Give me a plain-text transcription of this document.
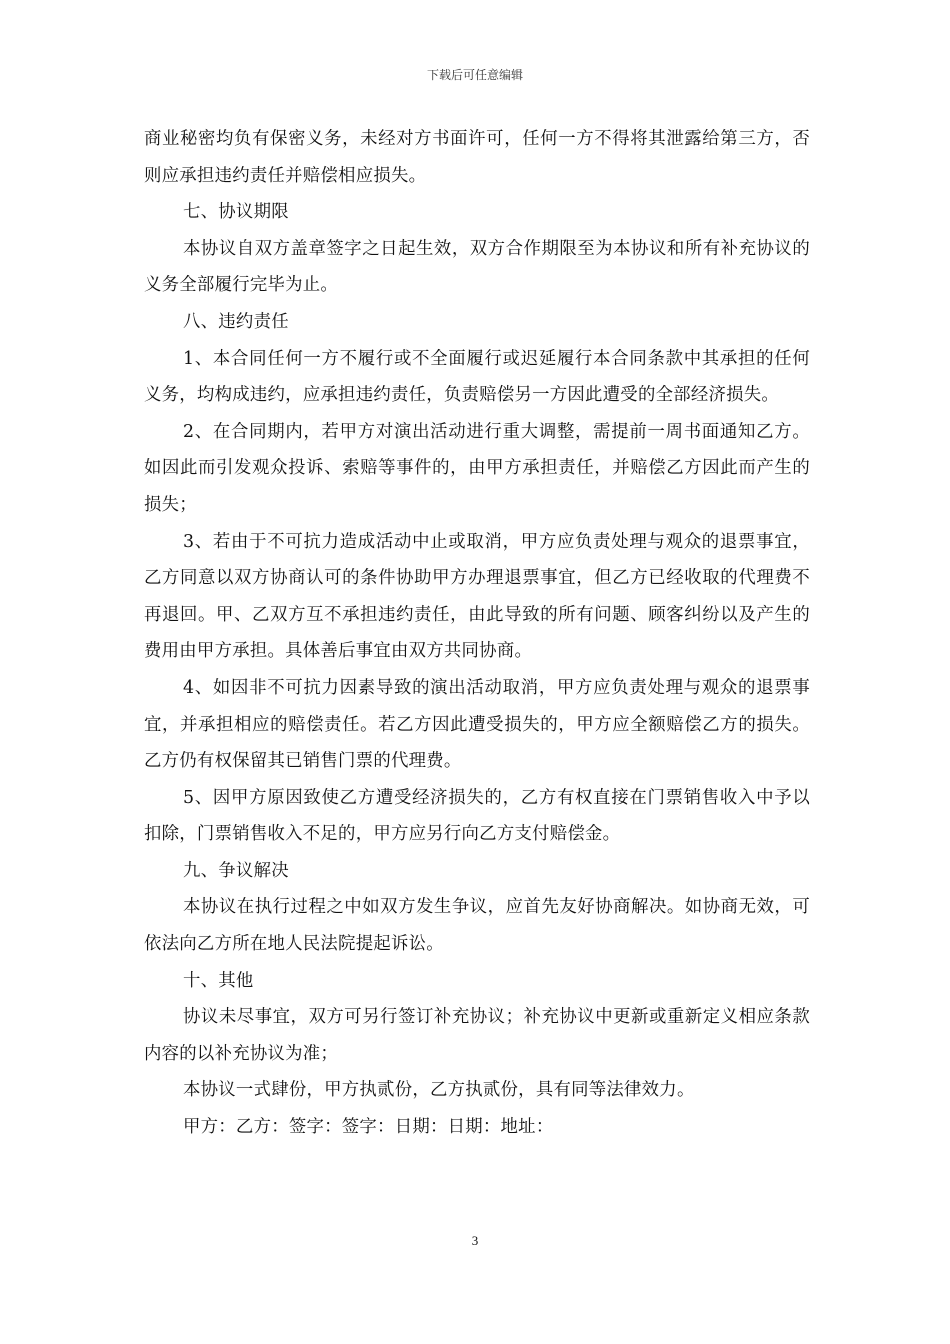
下载后可任意编辑

商业秘密均负有保密义务，未经对方书面许可，任何一方不得将其泄露给第三方，否则应承担违约责任并赔偿相应损失。

七、协议期限

本协议自双方盖章签字之日起生效，双方合作期限至为本协议和所有补充协议的义务全部履行完毕为止。

八、违约责任

1、本合同任何一方不履行或不全面履行或迟延履行本合同条款中其承担的任何义务，均构成违约，应承担违约责任，负责赔偿另一方因此遭受的全部经济损失。

2、在合同期内，若甲方对演出活动进行重大调整，需提前一周书面通知乙方。如因此而引发观众投诉、索赔等事件的，由甲方承担责任，并赔偿乙方因此而产生的损失；

3、若由于不可抗力造成活动中止或取消，甲方应负责处理与观众的退票事宜，乙方同意以双方协商认可的条件协助甲方办理退票事宜，但乙方已经收取的代理费不再退回。甲、乙双方互不承担违约责任，由此导致的所有问题、顾客纠纷以及产生的费用由甲方承担。具体善后事宜由双方共同协商。

4、如因非不可抗力因素导致的演出活动取消，甲方应负责处理与观众的退票事宜，并承担相应的赔偿责任。若乙方因此遭受损失的，甲方应全额赔偿乙方的损失。乙方仍有权保留其已销售门票的代理费。

5、因甲方原因致使乙方遭受经济损失的，乙方有权直接在门票销售收入中予以扣除，门票销售收入不足的，甲方应另行向乙方支付赔偿金。

九、争议解决

本协议在执行过程之中如双方发生争议，应首先友好协商解决。如协商无效，可依法向乙方所在地人民法院提起诉讼。

十、其他

协议未尽事宜，双方可另行签订补充协议；补充协议中更新或重新定义相应条款内容的以补充协议为准；

本协议一式肆份，甲方执贰份，乙方执贰份，具有同等法律效力。

甲方：乙方：签字：签字：日期：日期：地址：

3
